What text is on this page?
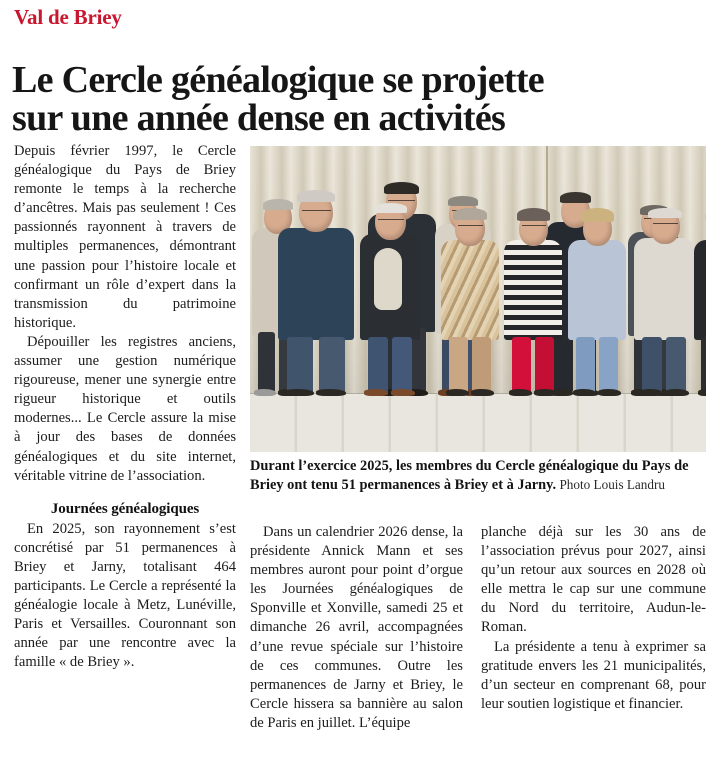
Val de Briey
Le Cercle généalogique se projette
sur une année dense en activités
Durant l’exercice 2025, les membres du Cercle généalogique du Pays de Briey ont tenu 51 permanences à Briey et à Jarny. Photo Louis Landru

Depuis février 1997, le Cercle généalogique du Pays de Briey remonte le temps à la recherche d’ancêtres. Mais pas seulement ! Ces passionnés rayonnent à travers de multiples permanences, démontrant une passion pour l’histoire locale et confirmant un rôle d’expert dans la transmission du patrimoine historique.

Dépouiller les registres anciens, assumer une gestion numérique rigoureuse, mener une synergie entre rigueur historique et outils modernes... Le Cercle assure la mise à jour des bases de données généalogiques et du site internet, véritable vitrine de l’association.

Journées généalogiques

En 2025, son rayonnement s’est concrétisé par 51 permanences à Briey et Jarny, totalisant 464 participants. Le Cercle a représenté la généalogie locale à Metz, Lunéville, Paris et Versailles. Couronnant son année par une rencontre avec la famille « de Briey ».

Dans un calendrier 2026 dense, la présidente Annick Mann et ses membres auront pour point d’orgue les Journées généalogiques de Sponville et Xonville, samedi 25 et dimanche 26 avril, accompagnées d’une revue spéciale sur l’histoire de ces communes. Outre les permanences de Jarny et Briey, le Cercle hissera sa bannière au salon de Paris en juillet. L’équipe

planche déjà sur les 30 ans de l’association prévus pour 2027, ainsi qu’un retour aux sources en 2028 où elle mettra le cap sur une commune du Nord du territoire, Audun-le-Roman.

La présidente a tenu à exprimer sa gratitude envers les 21 municipalités, d’un secteur en comprenant 68, pour leur soutien logistique et financier.
